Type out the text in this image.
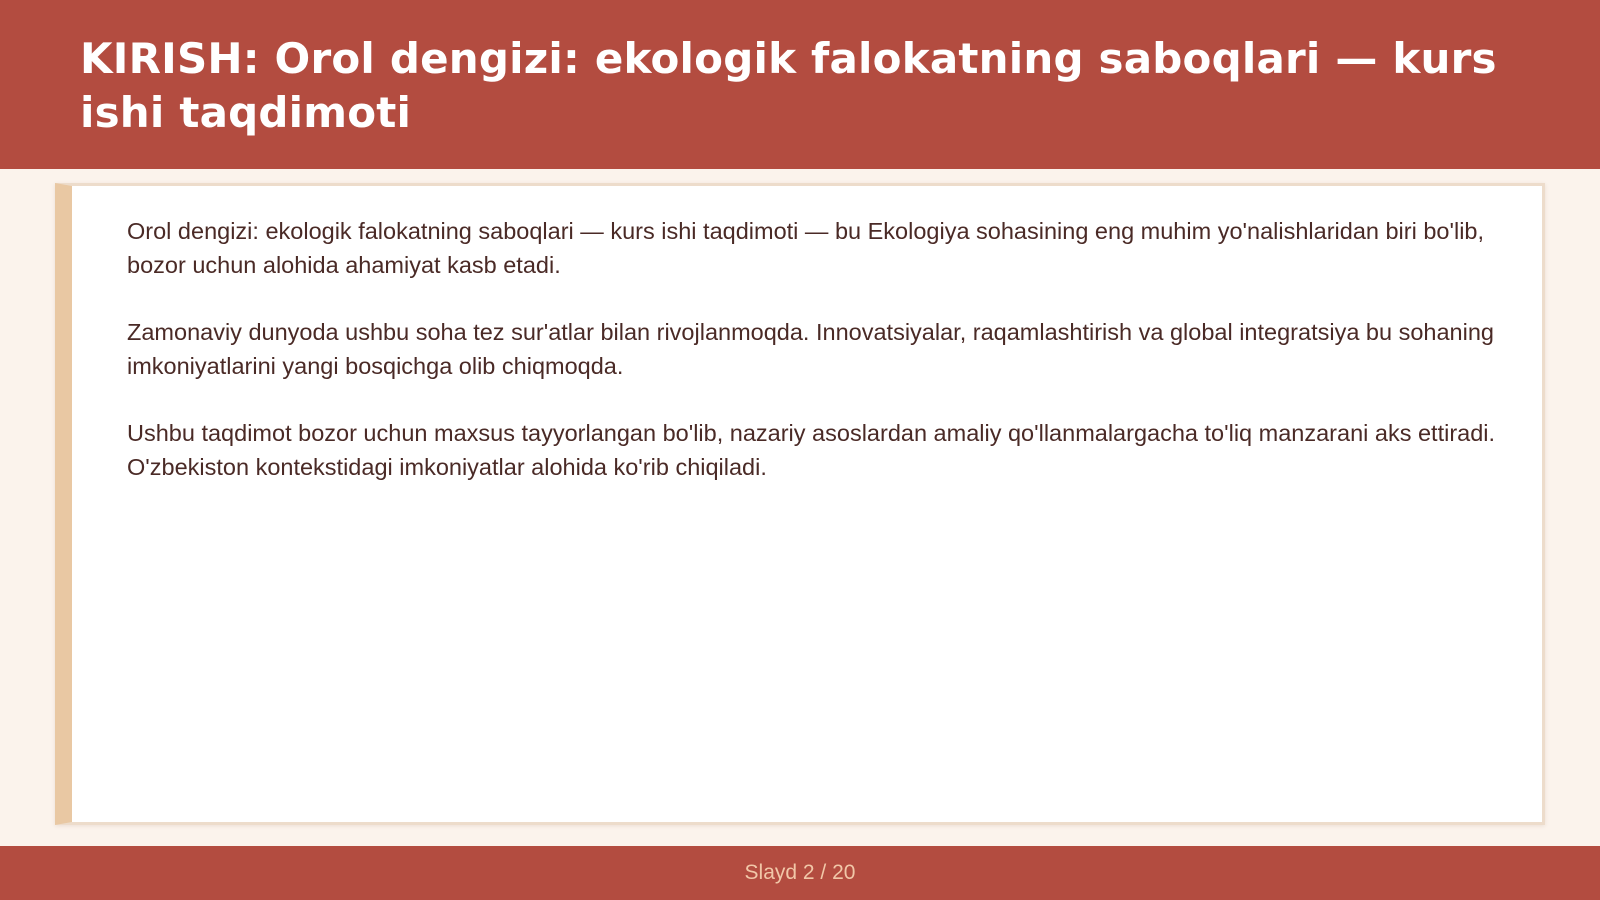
KIRISH: Orol dengizi: ekologik falokatning saboqlari — kurs ishi taqdimoti

Orol dengizi: ekologik falokatning saboqlari — kurs ishi taqdimoti — bu Ekologiya sohasining eng muhim yo'nalishlaridan biri bo'lib, bozor uchun alohida ahamiyat kasb etadi.

Zamonaviy dunyoda ushbu soha tez sur'atlar bilan rivojlanmoqda. Innovatsiyalar, raqamlashtirish va global integratsiya bu sohaning imkoniyatlarini yangi bosqichga olib chiqmoqda.

Ushbu taqdimot bozor uchun maxsus tayyorlangan bo'lib, nazariy asoslardan amaliy qo'llanmalargacha to'liq manzarani aks ettiradi. O'zbekiston kontekstidagi imkoniyatlar alohida ko'rib chiqiladi.

Slayd 2 / 20
